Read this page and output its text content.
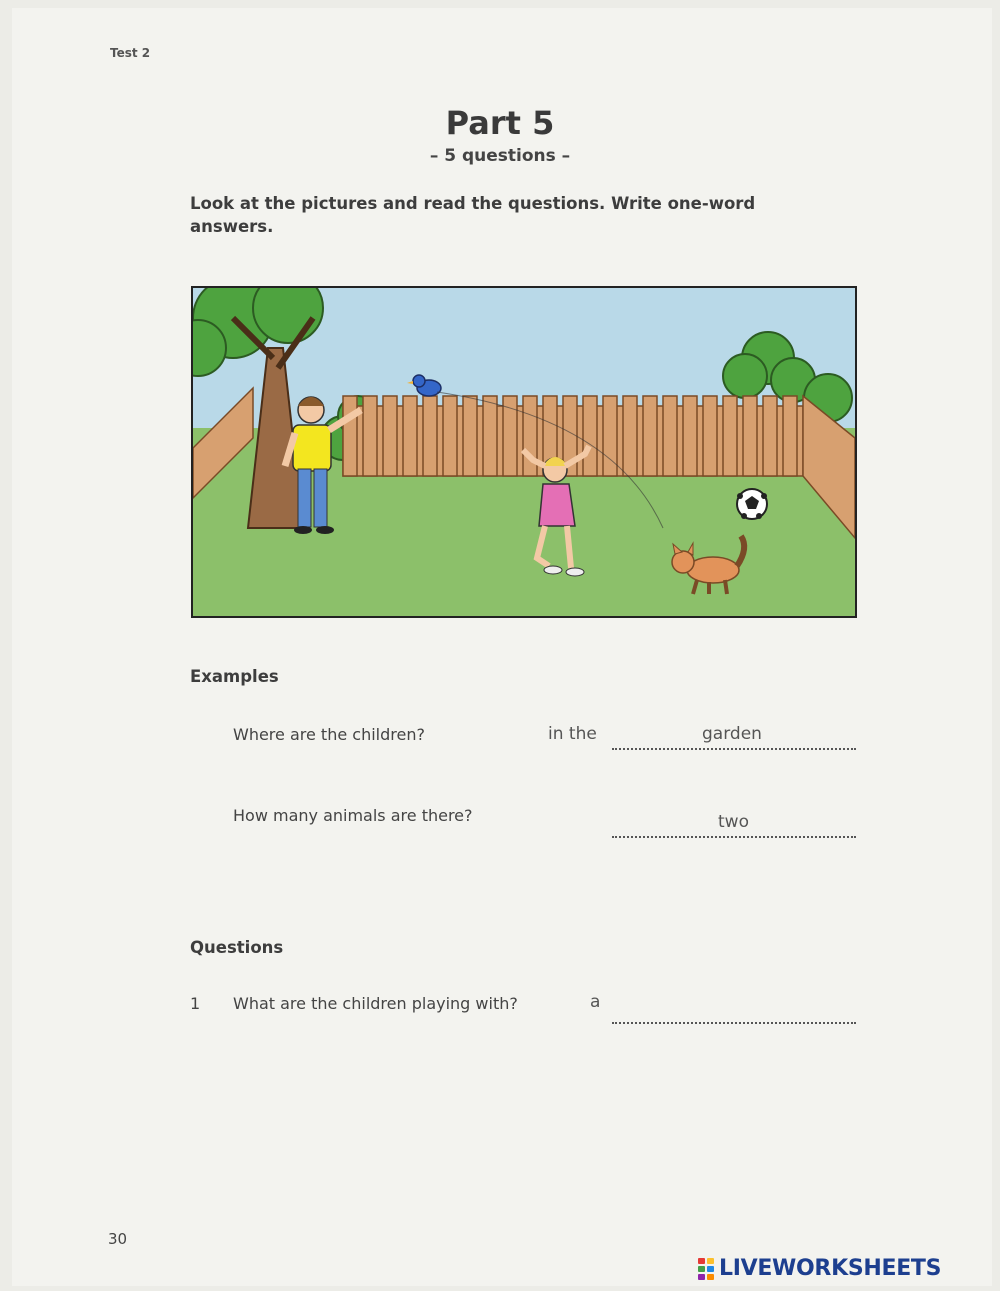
Test 2
Part 5
– 5 questions –
Look at the pictures and read the questions. Write one-word answers.
Examples
Where are the children?	in the	garden
How many animals are there?	two
Questions
1 What are the children playing with?	a
30
LIVEWORKSHEETS
